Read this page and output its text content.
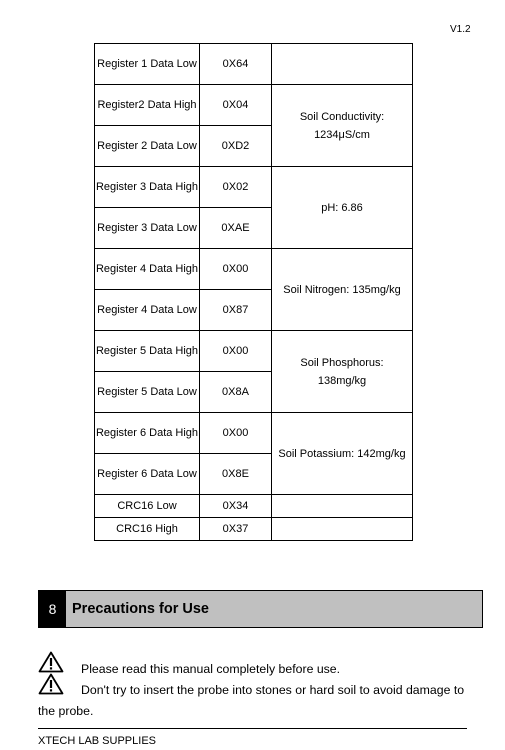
V1.2
Register 1 Data Low	0X64	
Register2 Data High	0X04	Soil Conductivity: 1234μS/cm
Register 2 Data Low	0XD2	
Register 3 Data High	0X02	pH: 6.86
Register 3 Data Low	0XAE	
Register 4 Data High	0X00	Soil Nitrogen: 135mg/kg
Register 4 Data Low	0X87	
Register 5 Data High	0X00	Soil Phosphorus: 138mg/kg
Register 5 Data Low	0X8A	
Register 6 Data High	0X00	Soil Potassium: 142mg/kg
Register 6 Data Low	0X8E	
CRC16 Low	0X34	
CRC16 High	0X37	
8	Precautions for Use
Please read this manual completely before use.
Don't try to insert the probe into stones or hard soil to avoid damage to
the probe.
XTECH LAB SUPPLIES
